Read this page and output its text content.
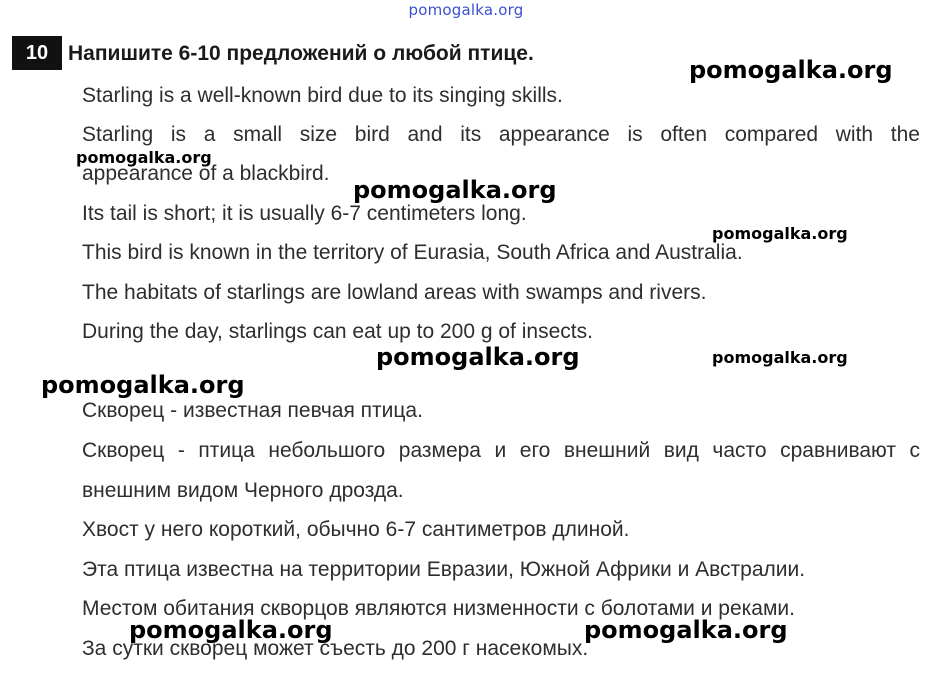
pomogalka.org
10 Напишите 6-10 предложений о любой птице.
Starling is a well-known bird due to its singing skills.
Starling is a small size bird and its appearance is often compared with the
appearance of a blackbird.
Its tail is short; it is usually 6-7 centimeters long.
This bird is known in the territory of Eurasia, South Africa and Australia.
The habitats of starlings are lowland areas with swamps and rivers.
During the day, starlings can eat up to 200 g of insects.
Скворец - известная певчая птица.
Скворец - птица небольшого размера и его внешний вид часто сравнивают с
внешним видом Черного дрозда.
Хвост у него короткий, обычно 6-7 сантиметров длиной.
Эта птица известна на территории Евразии, Южной Африки и Австралии.
Местом обитания скворцов являются низменности с болотами и реками.
За сутки скворец может съесть до 200 г насекомых.
pomogalka.org
pomogalka.org
pomogalka.org
pomogalka.org
pomogalka.org	pomogalka.org
pomogalka.org
pomogalka.org	pomogalka.org
